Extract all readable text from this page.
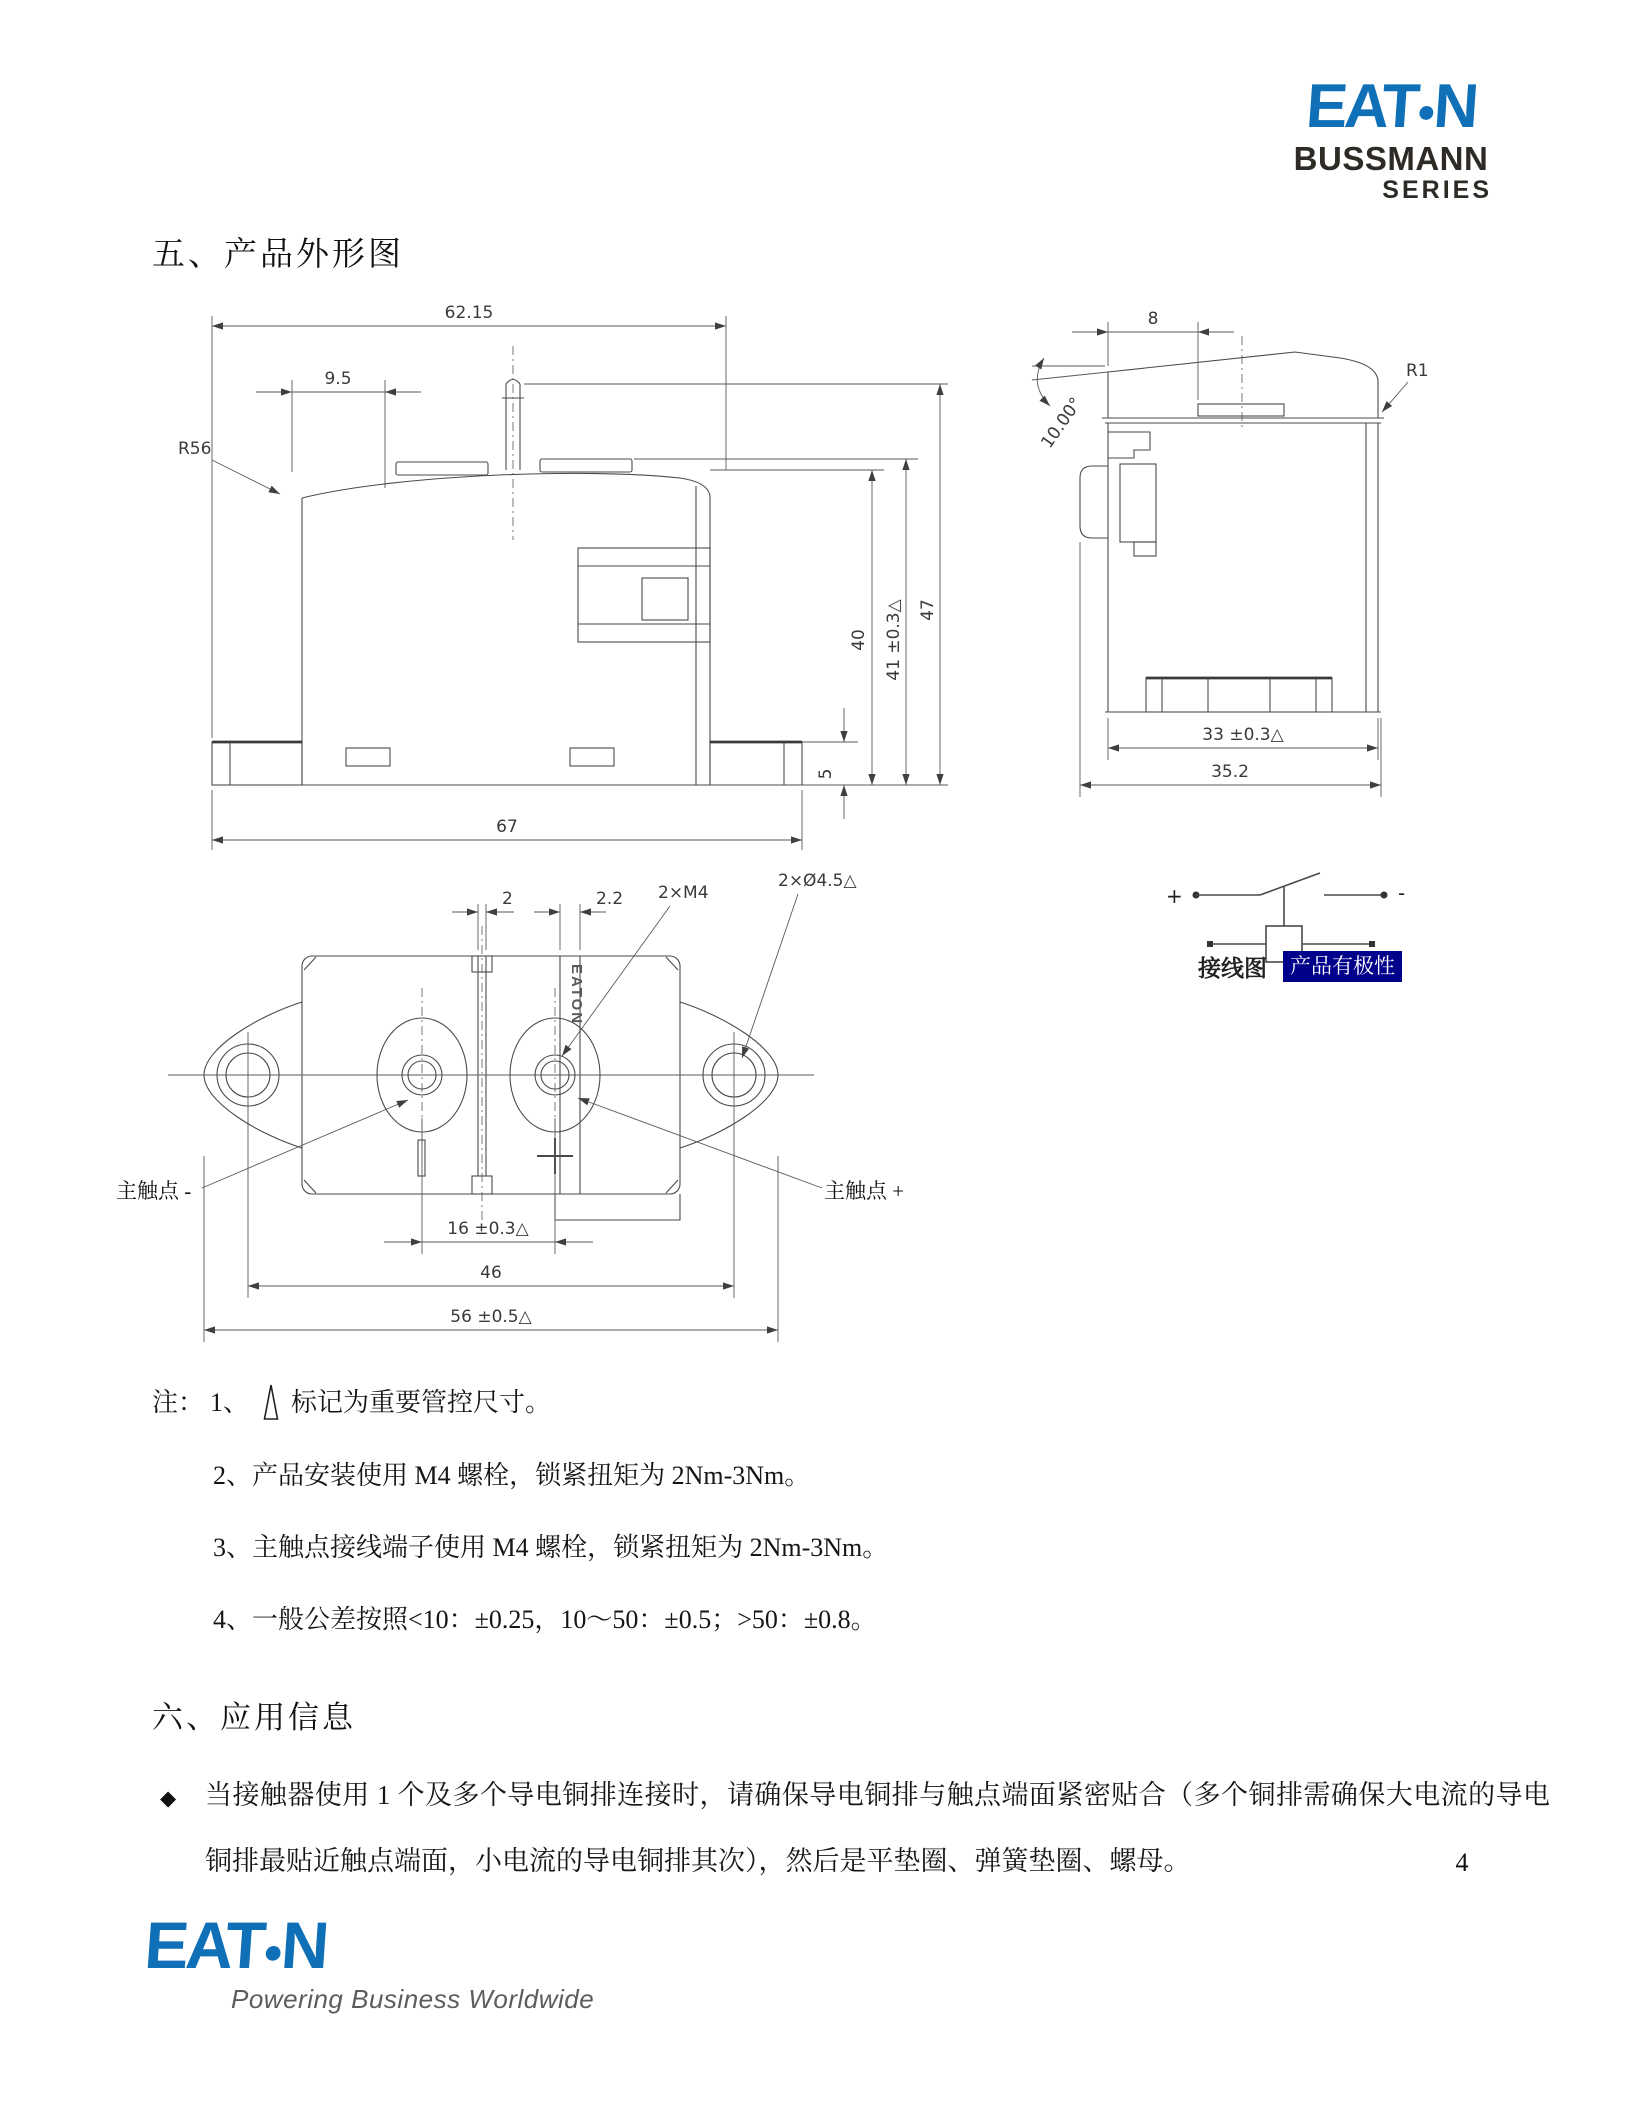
EAT●N
BUSSMANN
SERIES
五、产品外形图
62.15
9.5
R56
5
40 41 ±0.3△ 47
67
8
10.00°
R1
33 ±0.3△
35.2
EATON
2	2.2 2×M4
2×Ø4.5△
主触点 -	主触点 +
16 ±0.3△
46
56 ±0.5△
+	-
接线图	产品有极性
注： 1、 标记为重要管控尺寸。
2、产品安装使用 M4 螺栓，锁紧扭矩为 2Nm-3Nm。
3、主触点接线端子使用 M4 螺栓，锁紧扭矩为 2Nm-3Nm。
4、一般公差按照<10：±0.25，10～50：±0.5；>50：±0.8。
六、应用信息
◆ 当接触器使用 1 个及多个导电铜排连接时，请确保导电铜排与触点端面紧密贴合（多个铜排需确保大电流的导电铜排最贴近触点端面，小电流的导电铜排其次），然后是平垫圈、弹簧垫圈、螺母。	4
EAT●N
Powering Business Worldwide
